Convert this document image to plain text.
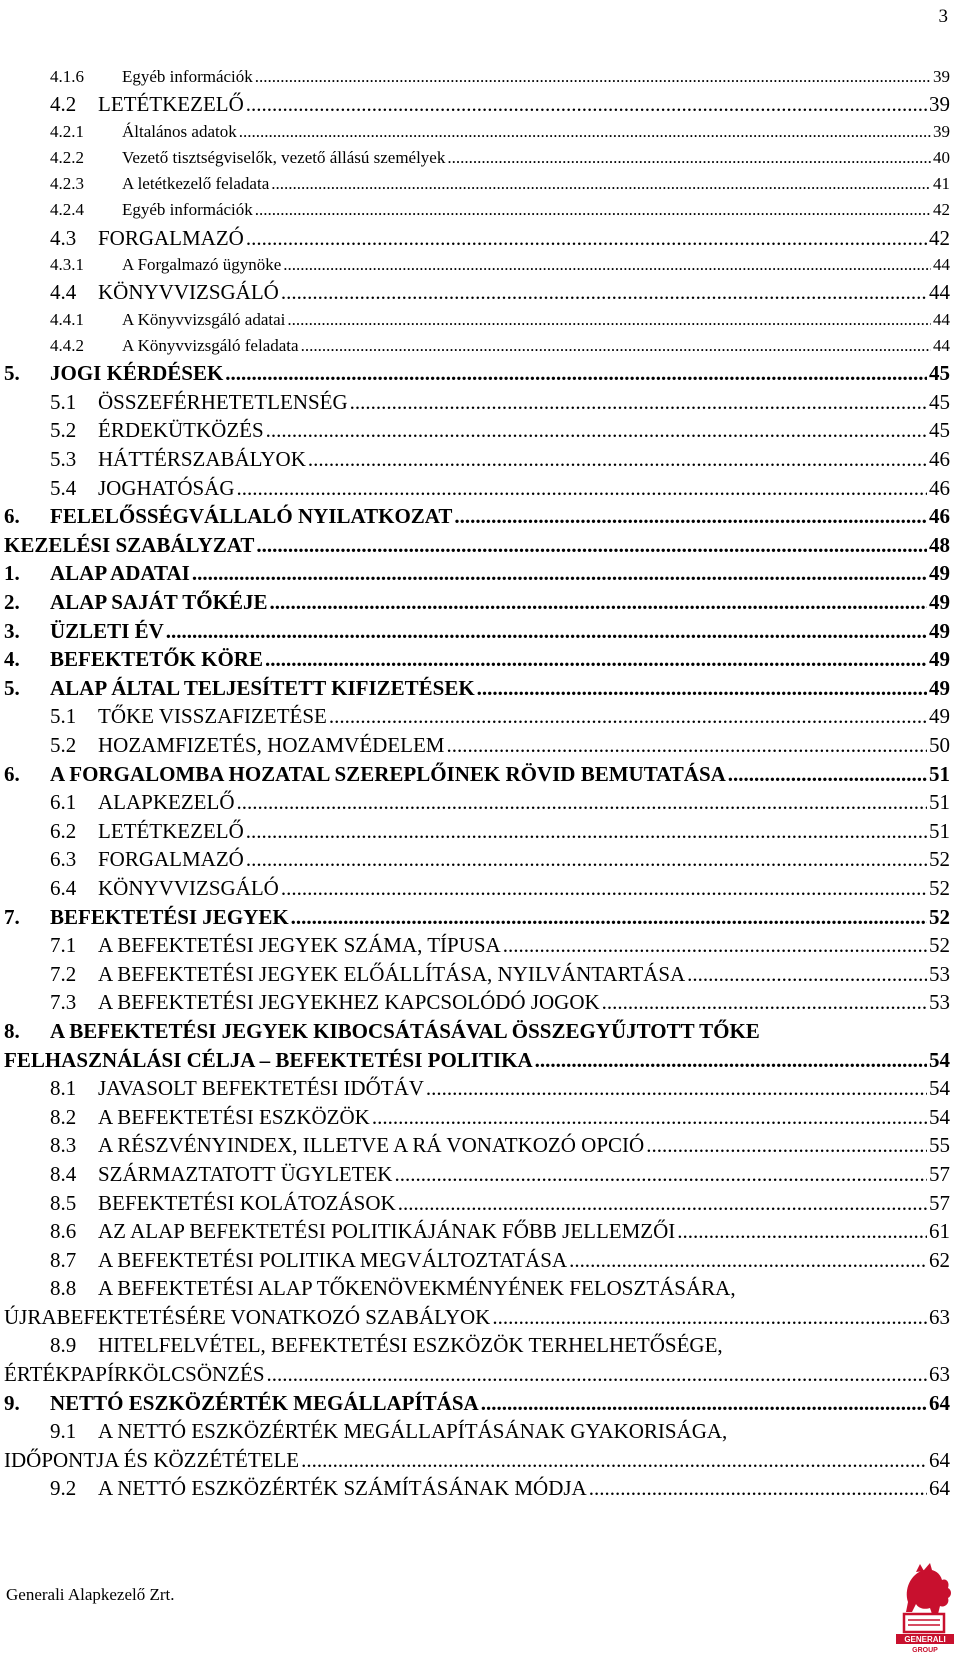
3
4.1.6	Egyéb információk .....	39
4.2	LETÉTKEZELŐ .....	39
4.2.1	Általános adatok .....	39
4.2.2	Vezető tisztségviselők, vezető állású személyek .....	40
4.2.3	A letétkezelő feladata .....	41
4.2.4	Egyéb információk .....	42
4.3	FORGALMAZÓ .....	42
4.3.1	A Forgalmazó ügynöke .....	44
4.4	KÖNYVVIZSGÁLÓ .....	44
4.4.1	A Könyvvizsgáló adatai .....	44
4.4.2	A Könyvvizsgáló feladata .....	44
5.	JOGI KÉRDÉSEK .....	45
5.1	ÖSSZEFÉRHETETLENSÉG .....	45
5.2	ÉRDEKÜTKÖZÉS .....	45
5.3	HÁTTÉRSZABÁLYOK .....	46
5.4	JOGHATÓSÁG .....	46
6.	FELELŐSSÉGVÁLLALÓ NYILATKOZAT .....	46
KEZELÉSI SZABÁLYZAT .....	48
1.	ALAP ADATAI .....	49
2.	ALAP SAJÁT TŐKÉJE .....	49
3.	ÜZLETI ÉV .....	49
4.	BEFEKTETŐK KÖRE .....	49
5.	ALAP ÁLTAL TELJESÍTETT KIFIZETÉSEK .....	49
5.1	TŐKE VISSZAFIZETÉSE .....	49
5.2	HOZAMFIZETÉS, HOZAMVÉDELEM .....	50
6.	A FORGALOMBA HOZATAL SZEREPLŐINEK RÖVID BEMUTATÁSA .....	51
6.1	ALAPKEZELŐ .....	51
6.2	LETÉTKEZELŐ .....	51
6.3	FORGALMAZÓ .....	52
6.4	KÖNYVVIZSGÁLÓ .....	52
7.	BEFEKTETÉSI JEGYEK .....	52
7.1	A BEFEKTETÉSI JEGYEK SZÁMA, TÍPUSA .....	52
7.2	A BEFEKTETÉSI JEGYEK ELŐÁLLÍTÁSA, NYILVÁNTARTÁSA .....	53
7.3	A BEFEKTETÉSI JEGYEKHEZ KAPCSOLÓDÓ JOGOK .....	53
8.	A BEFEKTETÉSI JEGYEK KIBOCSÁTÁSÁVAL ÖSSZEGYŰJTOTT TŐKE
FELHASZNÁLÁSI CÉLJA – BEFEKTETÉSI POLITIKA .....	54
8.1	JAVASOLT BEFEKTETÉSI IDŐTÁV .....	54
8.2	A BEFEKTETÉSI ESZKÖZÖK .....	54
8.3	A RÉSZVÉNYINDEX, ILLETVE A RÁ VONATKOZÓ OPCIÓ .....	55
8.4	SZÁRMAZTATOTT ÜGYLETEK .....	57
8.5	BEFEKTETÉSI KOLÁTOZÁSOK .....	57
8.6	AZ ALAP BEFEKTETÉSI POLITIKÁJÁNAK FŐBB JELLEMZŐI .....	61
8.7	A BEFEKTETÉSI POLITIKA MEGVÁLTOZTATÁSA .....	62
8.8	A BEFEKTETÉSI ALAP TŐKENÖVEKMÉNYÉNEK FELOSZTÁSÁRA,
ÚJRABEFEKTETÉSÉRE VONATKOZÓ SZABÁLYOK .....	63
8.9	HITELFELVÉTEL, BEFEKTETÉSI ESZKÖZÖK TERHELHETŐSÉGE,
ÉRTÉKPAPÍRKÖLCSÖNZÉS .....	63
9.	NETTÓ ESZKÖZÉRTÉK MEGÁLLAPÍTÁSA .....	64
9.1	A NETTÓ ESZKÖZÉRTÉK MEGÁLLAPÍTÁSÁNAK GYAKORISÁGA,
IDŐPONTJA ÉS KÖZZÉTÉTELE .....	64
9.2	A NETTÓ ESZKÖZÉRTÉK SZÁMÍTÁSÁNAK MÓDJA .....	64
Generali Alapkezelő Zrt.
GENERALI
GROUP
